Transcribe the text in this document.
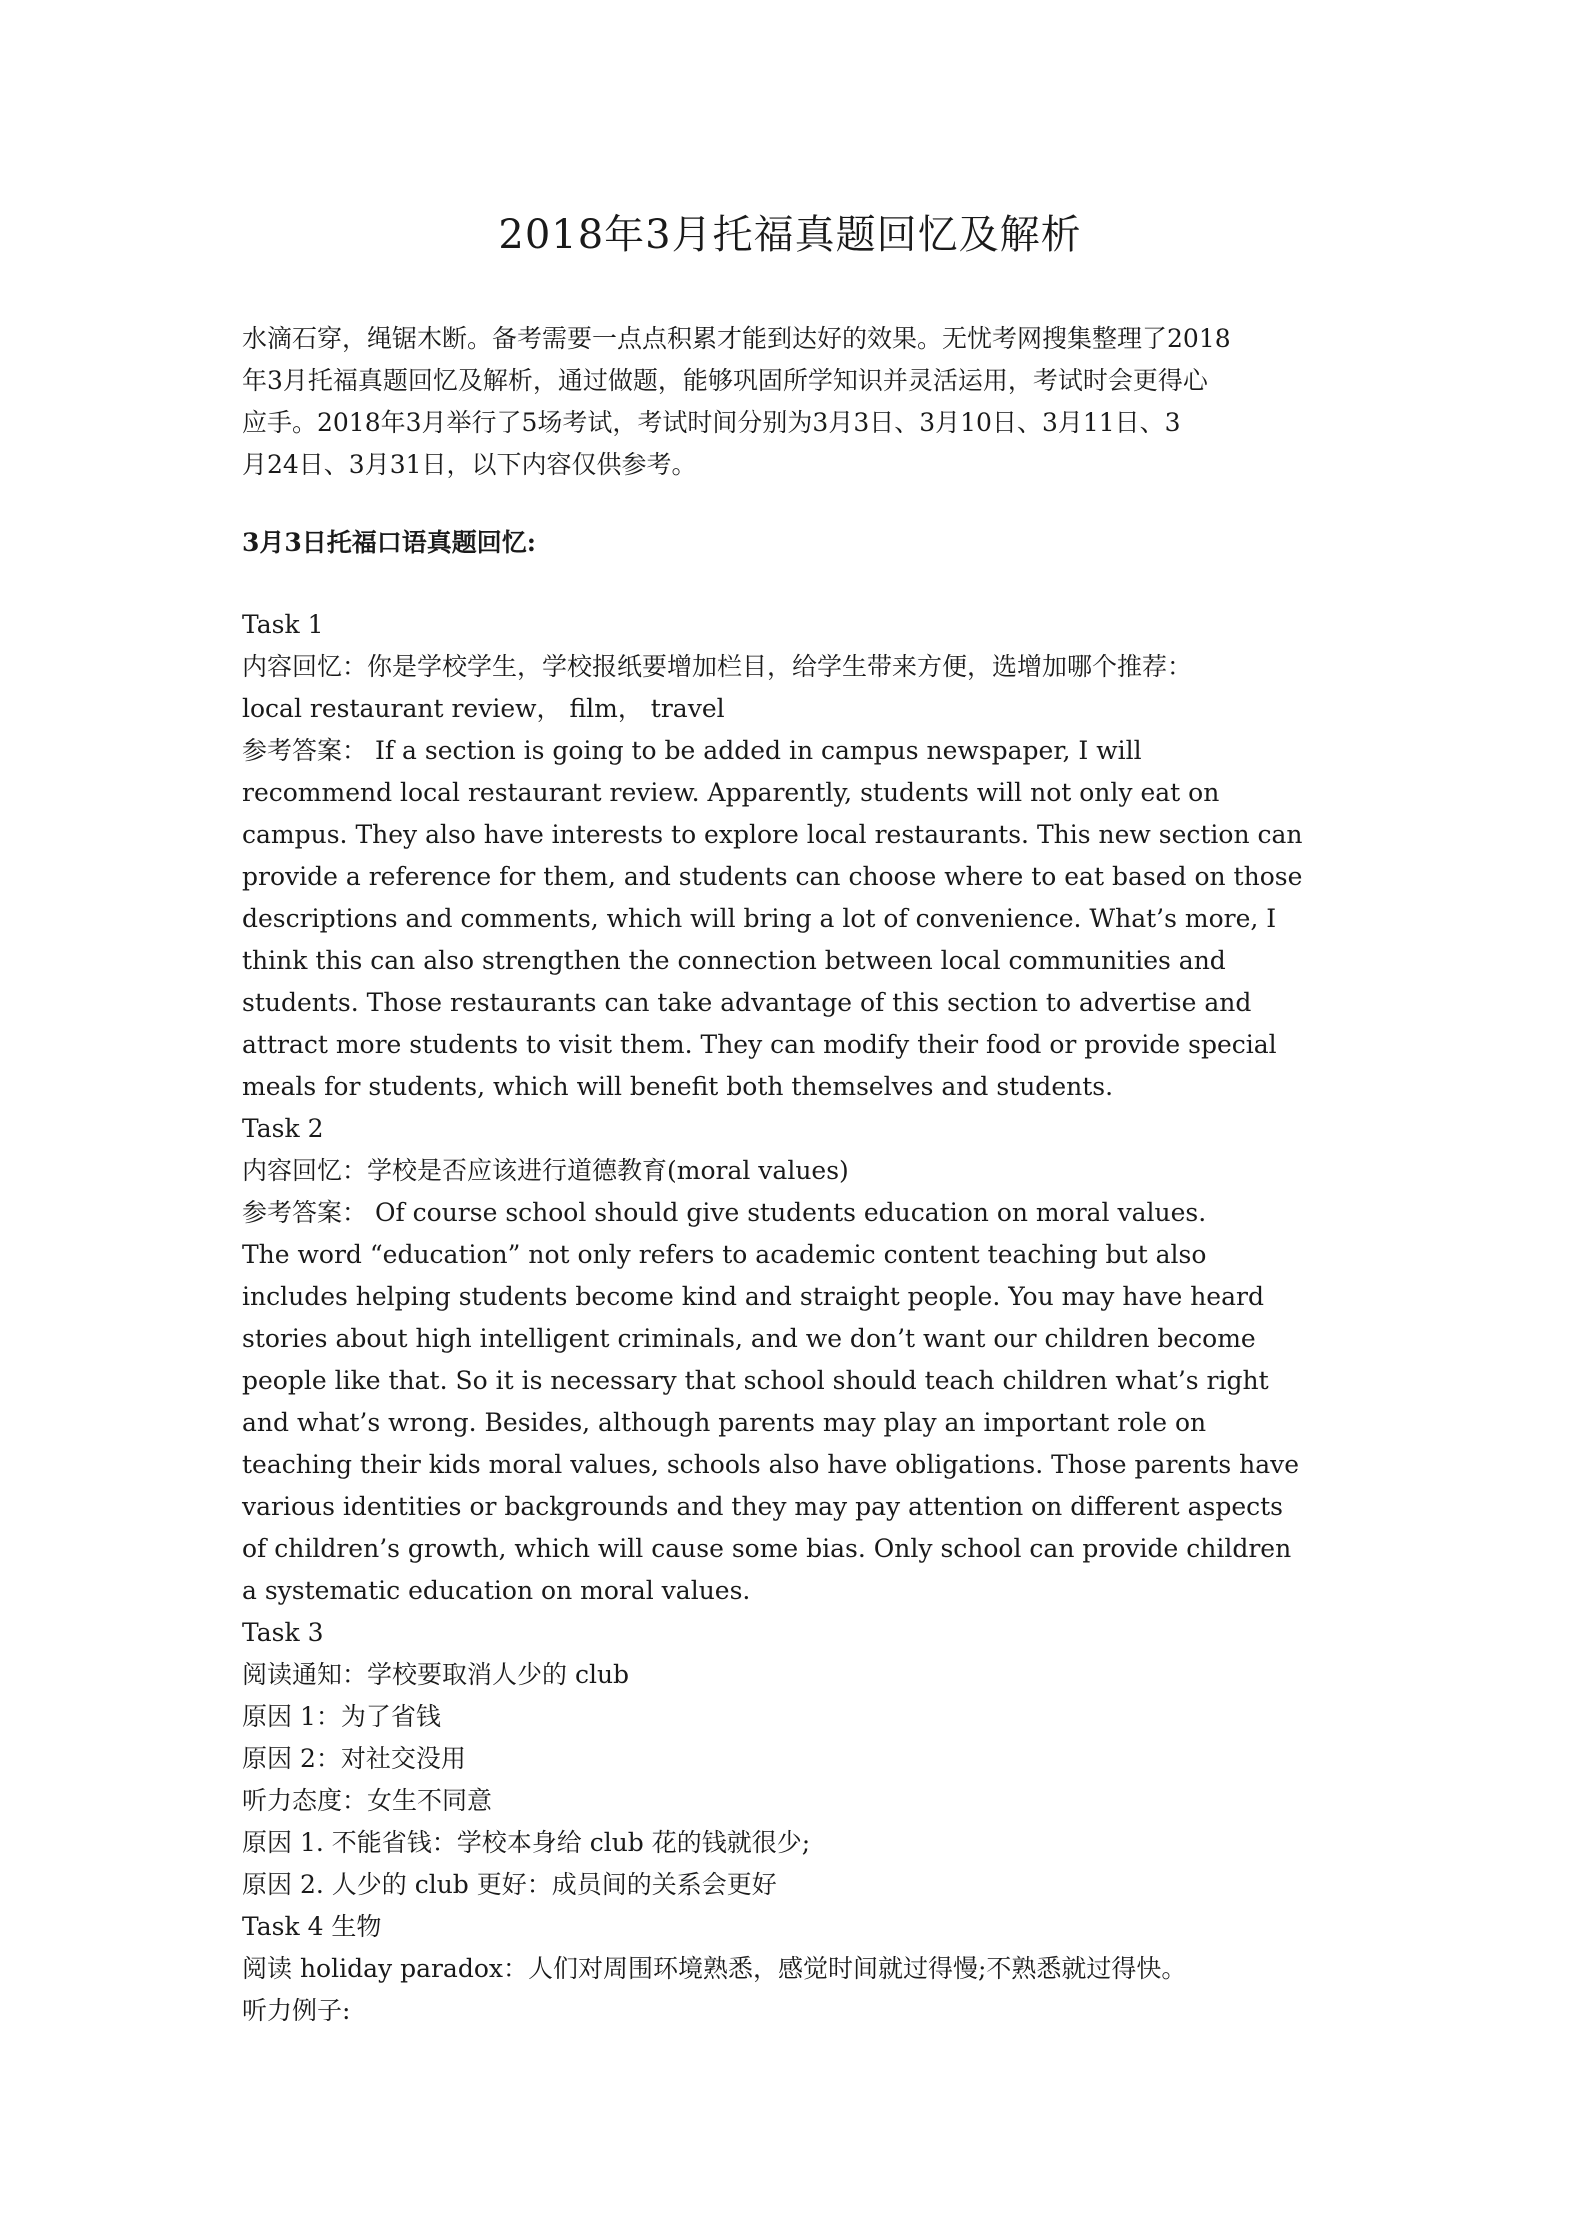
2018年3月托福真题回忆及解析
水滴石穿，绳锯木断。备考需要一点点积累才能到达好的效果。无忧考网搜集整理了2018
年3月托福真题回忆及解析，通过做题，能够巩固所学知识并灵活运用，考试时会更得心
应手。2018年3月举行了5场考试，考试时间分别为3月3日、3月10日、3月11日、3
月24日、3月31日，以下内容仅供参考。
3月3日托福口语真题回忆:
Task 1
内容回忆：你是学校学生，学校报纸要增加栏目，给学生带来方便，选增加哪个推荐：
local restaurant review， film， travel
参考答案： If a section is going to be added in campus newspaper, I will
recommend local restaurant review. Apparently, students will not only eat on
campus. They also have interests to explore local restaurants. This new section can
provide a reference for them, and students can choose where to eat based on those
descriptions and comments, which will bring a lot of convenience. What’s more, I
think this can also strengthen the connection between local communities and
students. Those restaurants can take advantage of this section to advertise and
attract more students to visit them. They can modify their food or provide special
meals for students, which will benefit both themselves and students.
Task 2
内容回忆：学校是否应该进行道德教育(moral values)
参考答案： Of course school should give students education on moral values.
The word “education” not only refers to academic content teaching but also
includes helping students become kind and straight people. You may have heard
stories about high intelligent criminals, and we don’t want our children become
people like that. So it is necessary that school should teach children what’s right
and what’s wrong. Besides, although parents may play an important role on
teaching their kids moral values, schools also have obligations. Those parents have
various identities or backgrounds and they may pay attention on different aspects
of children’s growth, which will cause some bias. Only school can provide children
a systematic education on moral values.
Task 3
阅读通知：学校要取消人少的 club
原因 1：为了省钱
原因 2：对社交没用
听力态度：女生不同意
原因 1. 不能省钱：学校本身给 club 花的钱就很少;
原因 2. 人少的 club 更好：成员间的关系会更好
Task 4 生物
阅读 holiday paradox：人们对周围环境熟悉，感觉时间就过得慢;不熟悉就过得快。
听力例子:
